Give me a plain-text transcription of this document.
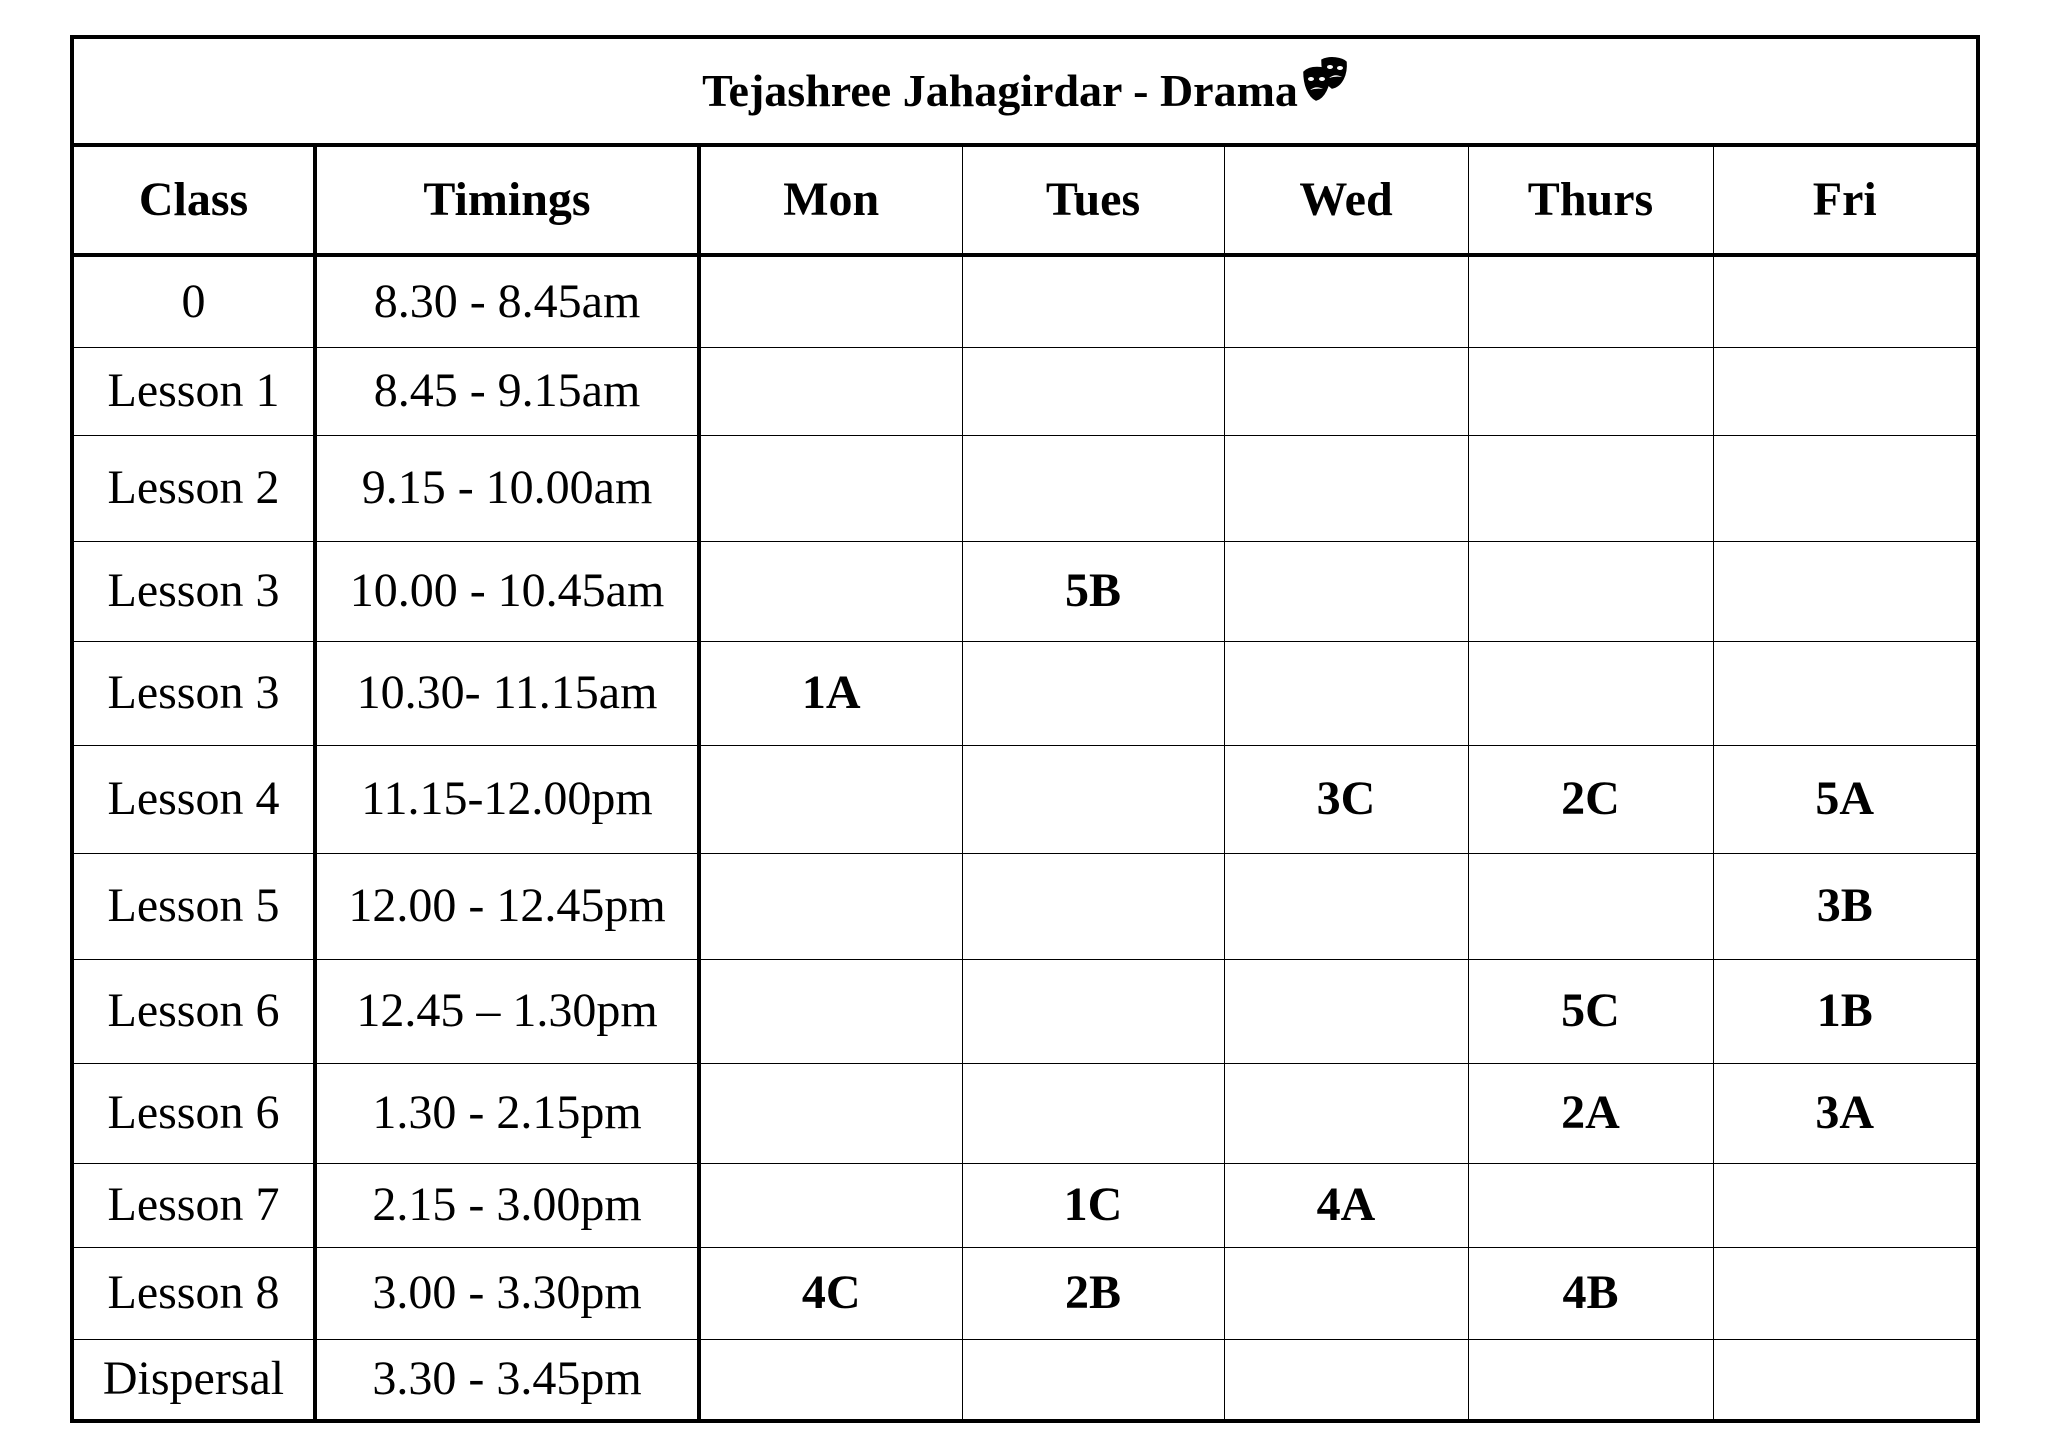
Tejashree Jahagirdar - Drama						
Class	Timings	Mon	Tues	Wed	Thurs	Fri
0	8.30 - 8.45am					
Lesson 1	8.45 - 9.15am					
Lesson 2	9.15 - 10.00am					
Lesson 3	10.00 - 10.45am		5B			
Lesson 3	10.30- 11.15am	1A				
Lesson 4	11.15-12.00pm			3C	2C	5A
Lesson 5	12.00 - 12.45pm					3B
Lesson 6	12.45 – 1.30pm				5C	1B
Lesson 6	1.30 - 2.15pm				2A	3A
Lesson 7	2.15 - 3.00pm		1C	4A		
Lesson 8	3.00 - 3.30pm	4C	2B		4B	
Dispersal	3.30 - 3.45pm					
